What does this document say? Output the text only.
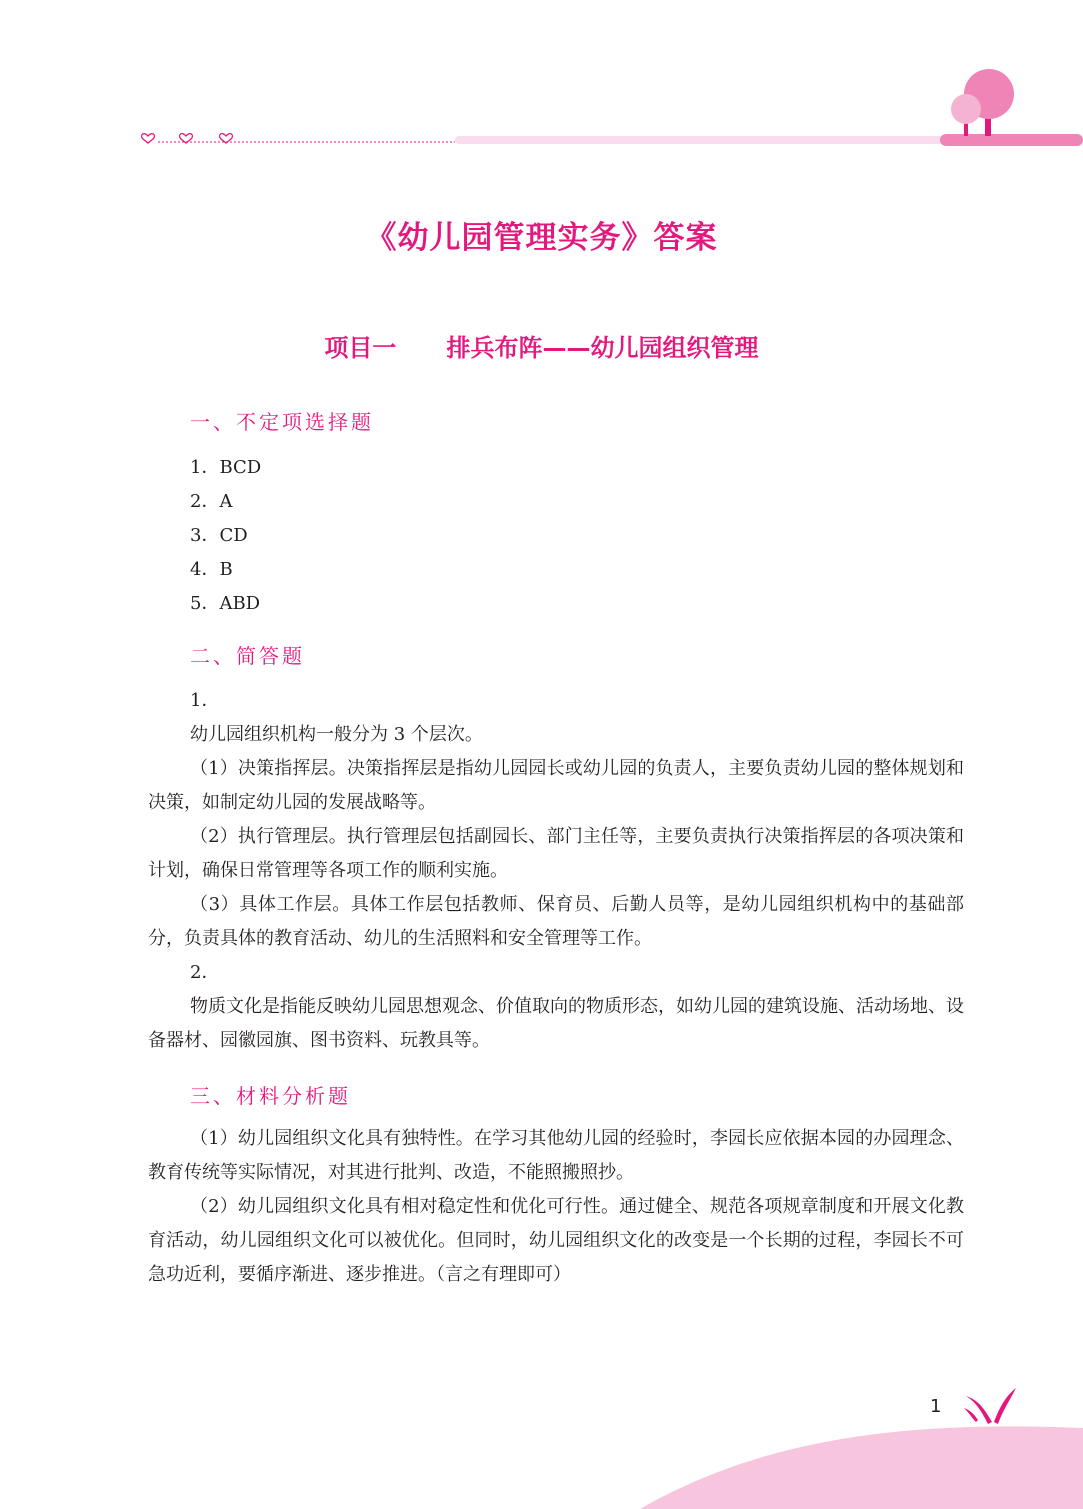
《幼儿园管理实务》答案
项目一      排兵布阵——幼儿园组织管理
一、不定项选择题
1．BCD
2．A
3．CD
4．B
5．ABD
二、简答题

1．

幼儿园组织机构一般分为 3 个层次。

（1）决策指挥层。决策指挥层是指幼儿园园长或幼儿园的负责人，主要负责幼儿园的整体规划和决策，如制定幼儿园的发展战略等。

（2）执行管理层。执行管理层包括副园长、部门主任等，主要负责执行决策指挥层的各项决策和计划，确保日常管理等各项工作的顺利实施。

（3）具体工作层。具体工作层包括教师、保育员、后勤人员等，是幼儿园组织机构中的基础部分，负责具体的教育活动、幼儿的生活照料和安全管理等工作。

2．

物质文化是指能反映幼儿园思想观念、价值取向的物质形态，如幼儿园的建筑设施、活动场地、设备器材、园徽园旗、图书资料、玩教具等。

三、材料分析题

（1）幼儿园组织文化具有独特性。在学习其他幼儿园的经验时，李园长应依据本园的办园理念、教育传统等实际情况，对其进行批判、改造，不能照搬照抄。

（2）幼儿园组织文化具有相对稳定性和优化可行性。通过健全、规范各项规章制度和开展文化教育活动，幼儿园组织文化可以被优化。但同时，幼儿园组织文化的改变是一个长期的过程，李园长不可急功近利，要循序渐进、逐步推进。（言之有理即可）

1
